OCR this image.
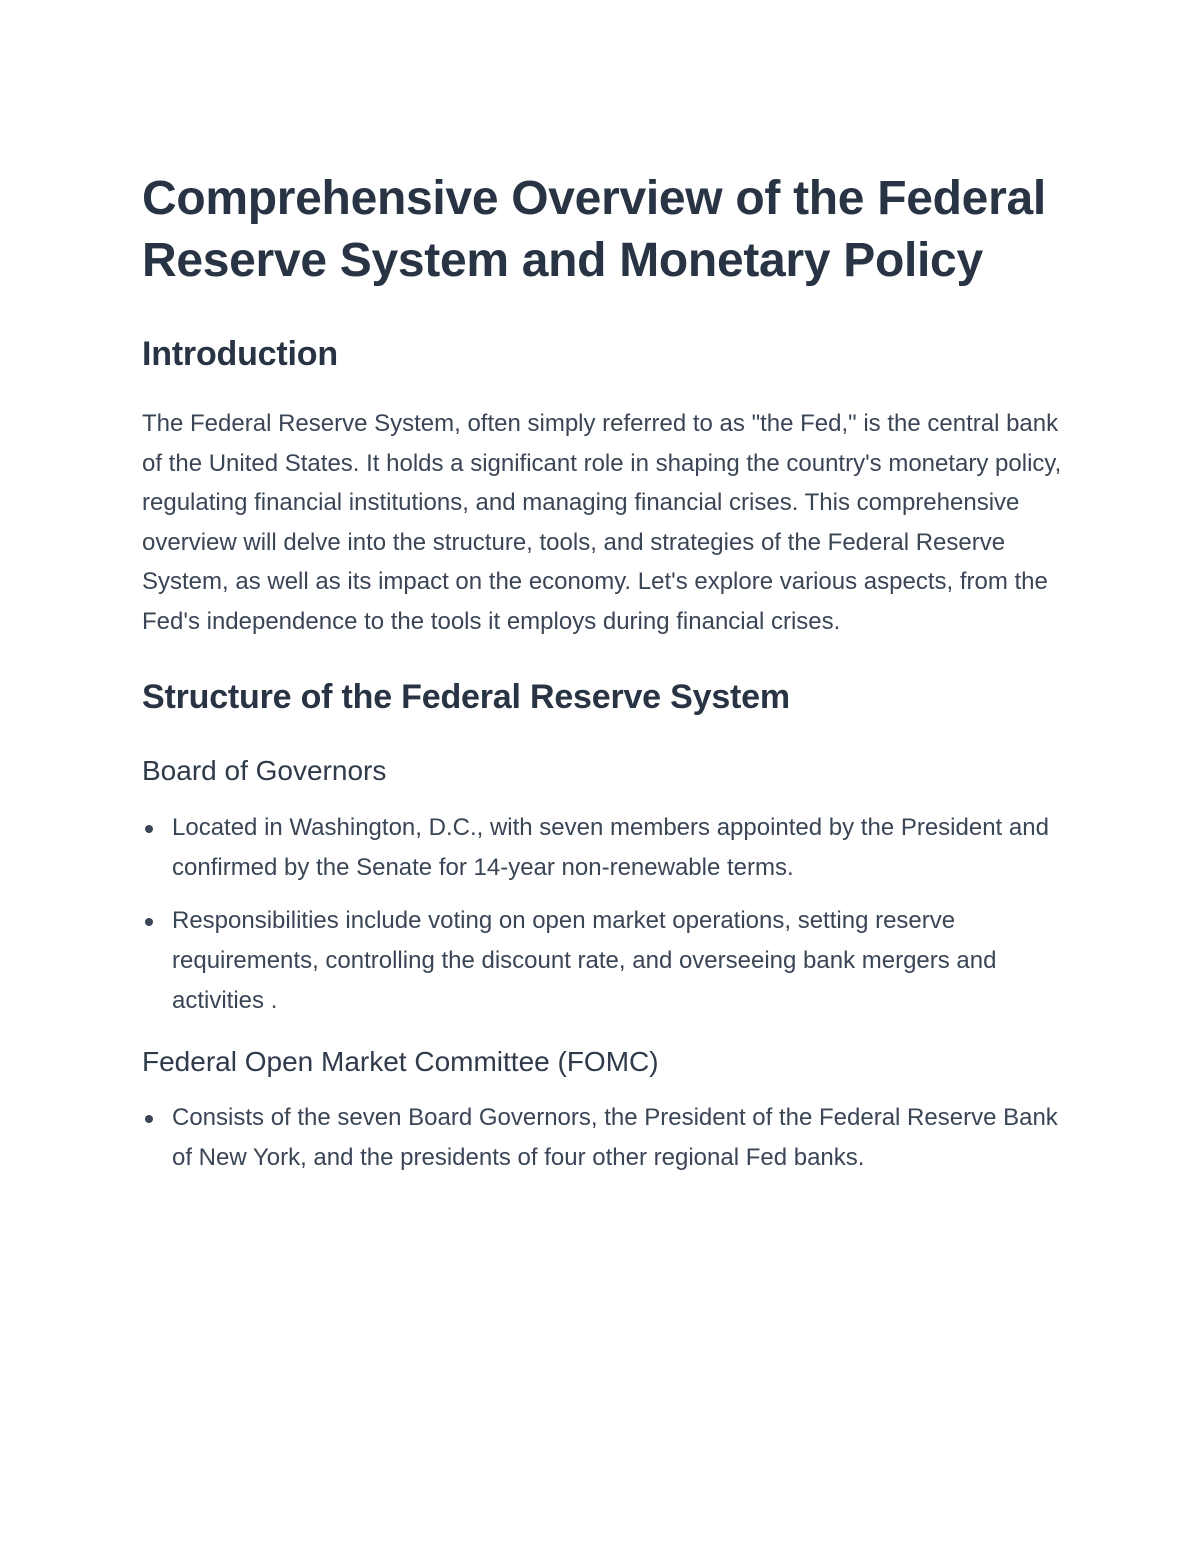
Comprehensive Overview of the Federal Reserve System and Monetary Policy
Introduction

The Federal Reserve System, often simply referred to as "the Fed," is the central bank of the United States. It holds a significant role in shaping the country's monetary policy, regulating financial institutions, and managing financial crises. This comprehensive overview will delve into the structure, tools, and strategies of the Federal Reserve System, as well as its impact on the economy. Let's explore various aspects, from the Fed's independence to the tools it employs during financial crises.

Structure of the Federal Reserve System
Board of Governors
Located in Washington, D.C., with seven members appointed by the President and confirmed by the Senate for 14-year non-renewable terms.
Responsibilities include voting on open market operations, setting reserve requirements, controlling the discount rate, and overseeing bank mergers and activities .
Federal Open Market Committee (FOMC)
Consists of the seven Board Governors, the President of the Federal Reserve Bank of New York, and the presidents of four other regional Fed banks.
